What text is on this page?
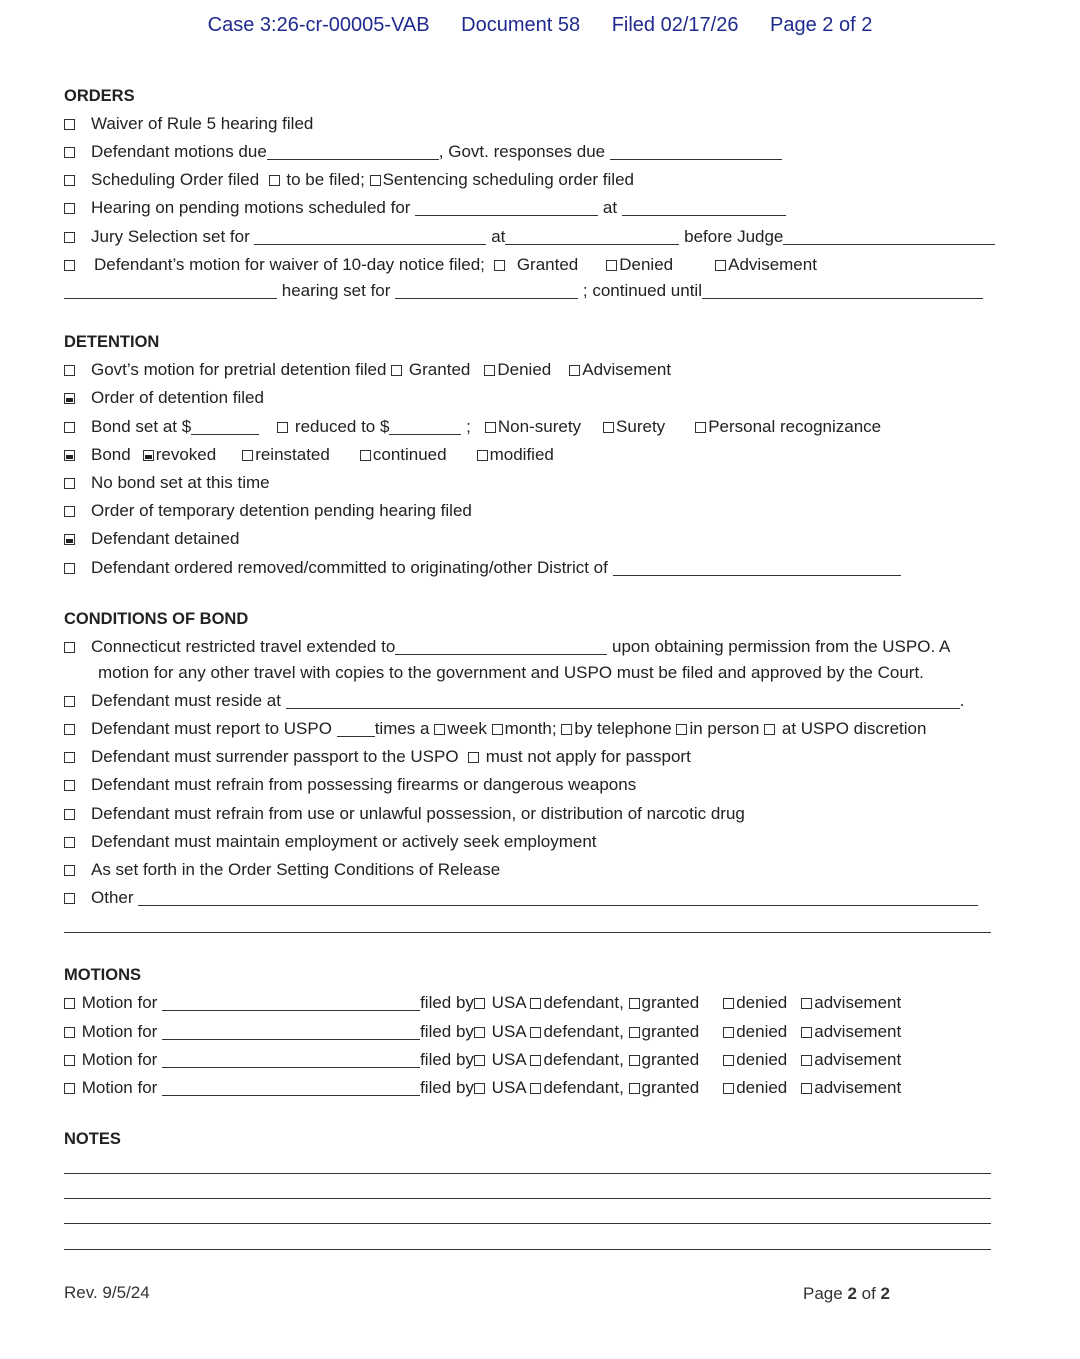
Case 3:26-cr-00005-VAB Document 58 Filed 02/17/26 Page 2 of 2
ORDERS
Waiver of Rule 5 hearing filed
Defendant motions due	, Govt. responses due
Scheduling Order filed to be filed; Sentencing scheduling order filed
Hearing on pending motions scheduled for	at
Jury Selection set for	at	before Judge
Defendant’s motion for waiver of 10-day notice filed; Granted Denied	Advisement
hearing set for	; continued until
DETENTION
Govt’s motion for pretrial detention filed Granted Denied Advisement
Order of detention filed
Bond set at $	reduced to $	; Non-surety Surety	Personal recognizance
Bond revoked reinstated	continued	modified
No bond set at this time
Order of temporary detention pending hearing filed
Defendant detained
Defendant ordered removed/committed to originating/other District of
CONDITIONS OF BOND
Connecticut restricted travel extended to	upon obtaining permission from the USPO. A
motion for any other travel with copies to the government and USPO must be filed and approved by the Court.
Defendant must reside at	.
Defendant must report to USPO	times a week month; by telephone in person at USPO discretion
Defendant must surrender passport to the USPO must not apply for passport
Defendant must refrain from possessing firearms or dangerous weapons
Defendant must refrain from use or unlawful possession, or distribution of narcotic drug
Defendant must maintain employment or actively seek employment
As set forth in the Order Setting Conditions of Release
Other
MOTIONS
Motion for	filed by USA defendant, granted denied advisement
Motion for	filed by USA defendant, granted denied advisement
Motion for	filed by USA defendant, granted denied advisement
Motion for	filed by USA defendant, granted denied advisement
NOTES
Rev. 9/5/24	Page 2 of 2
